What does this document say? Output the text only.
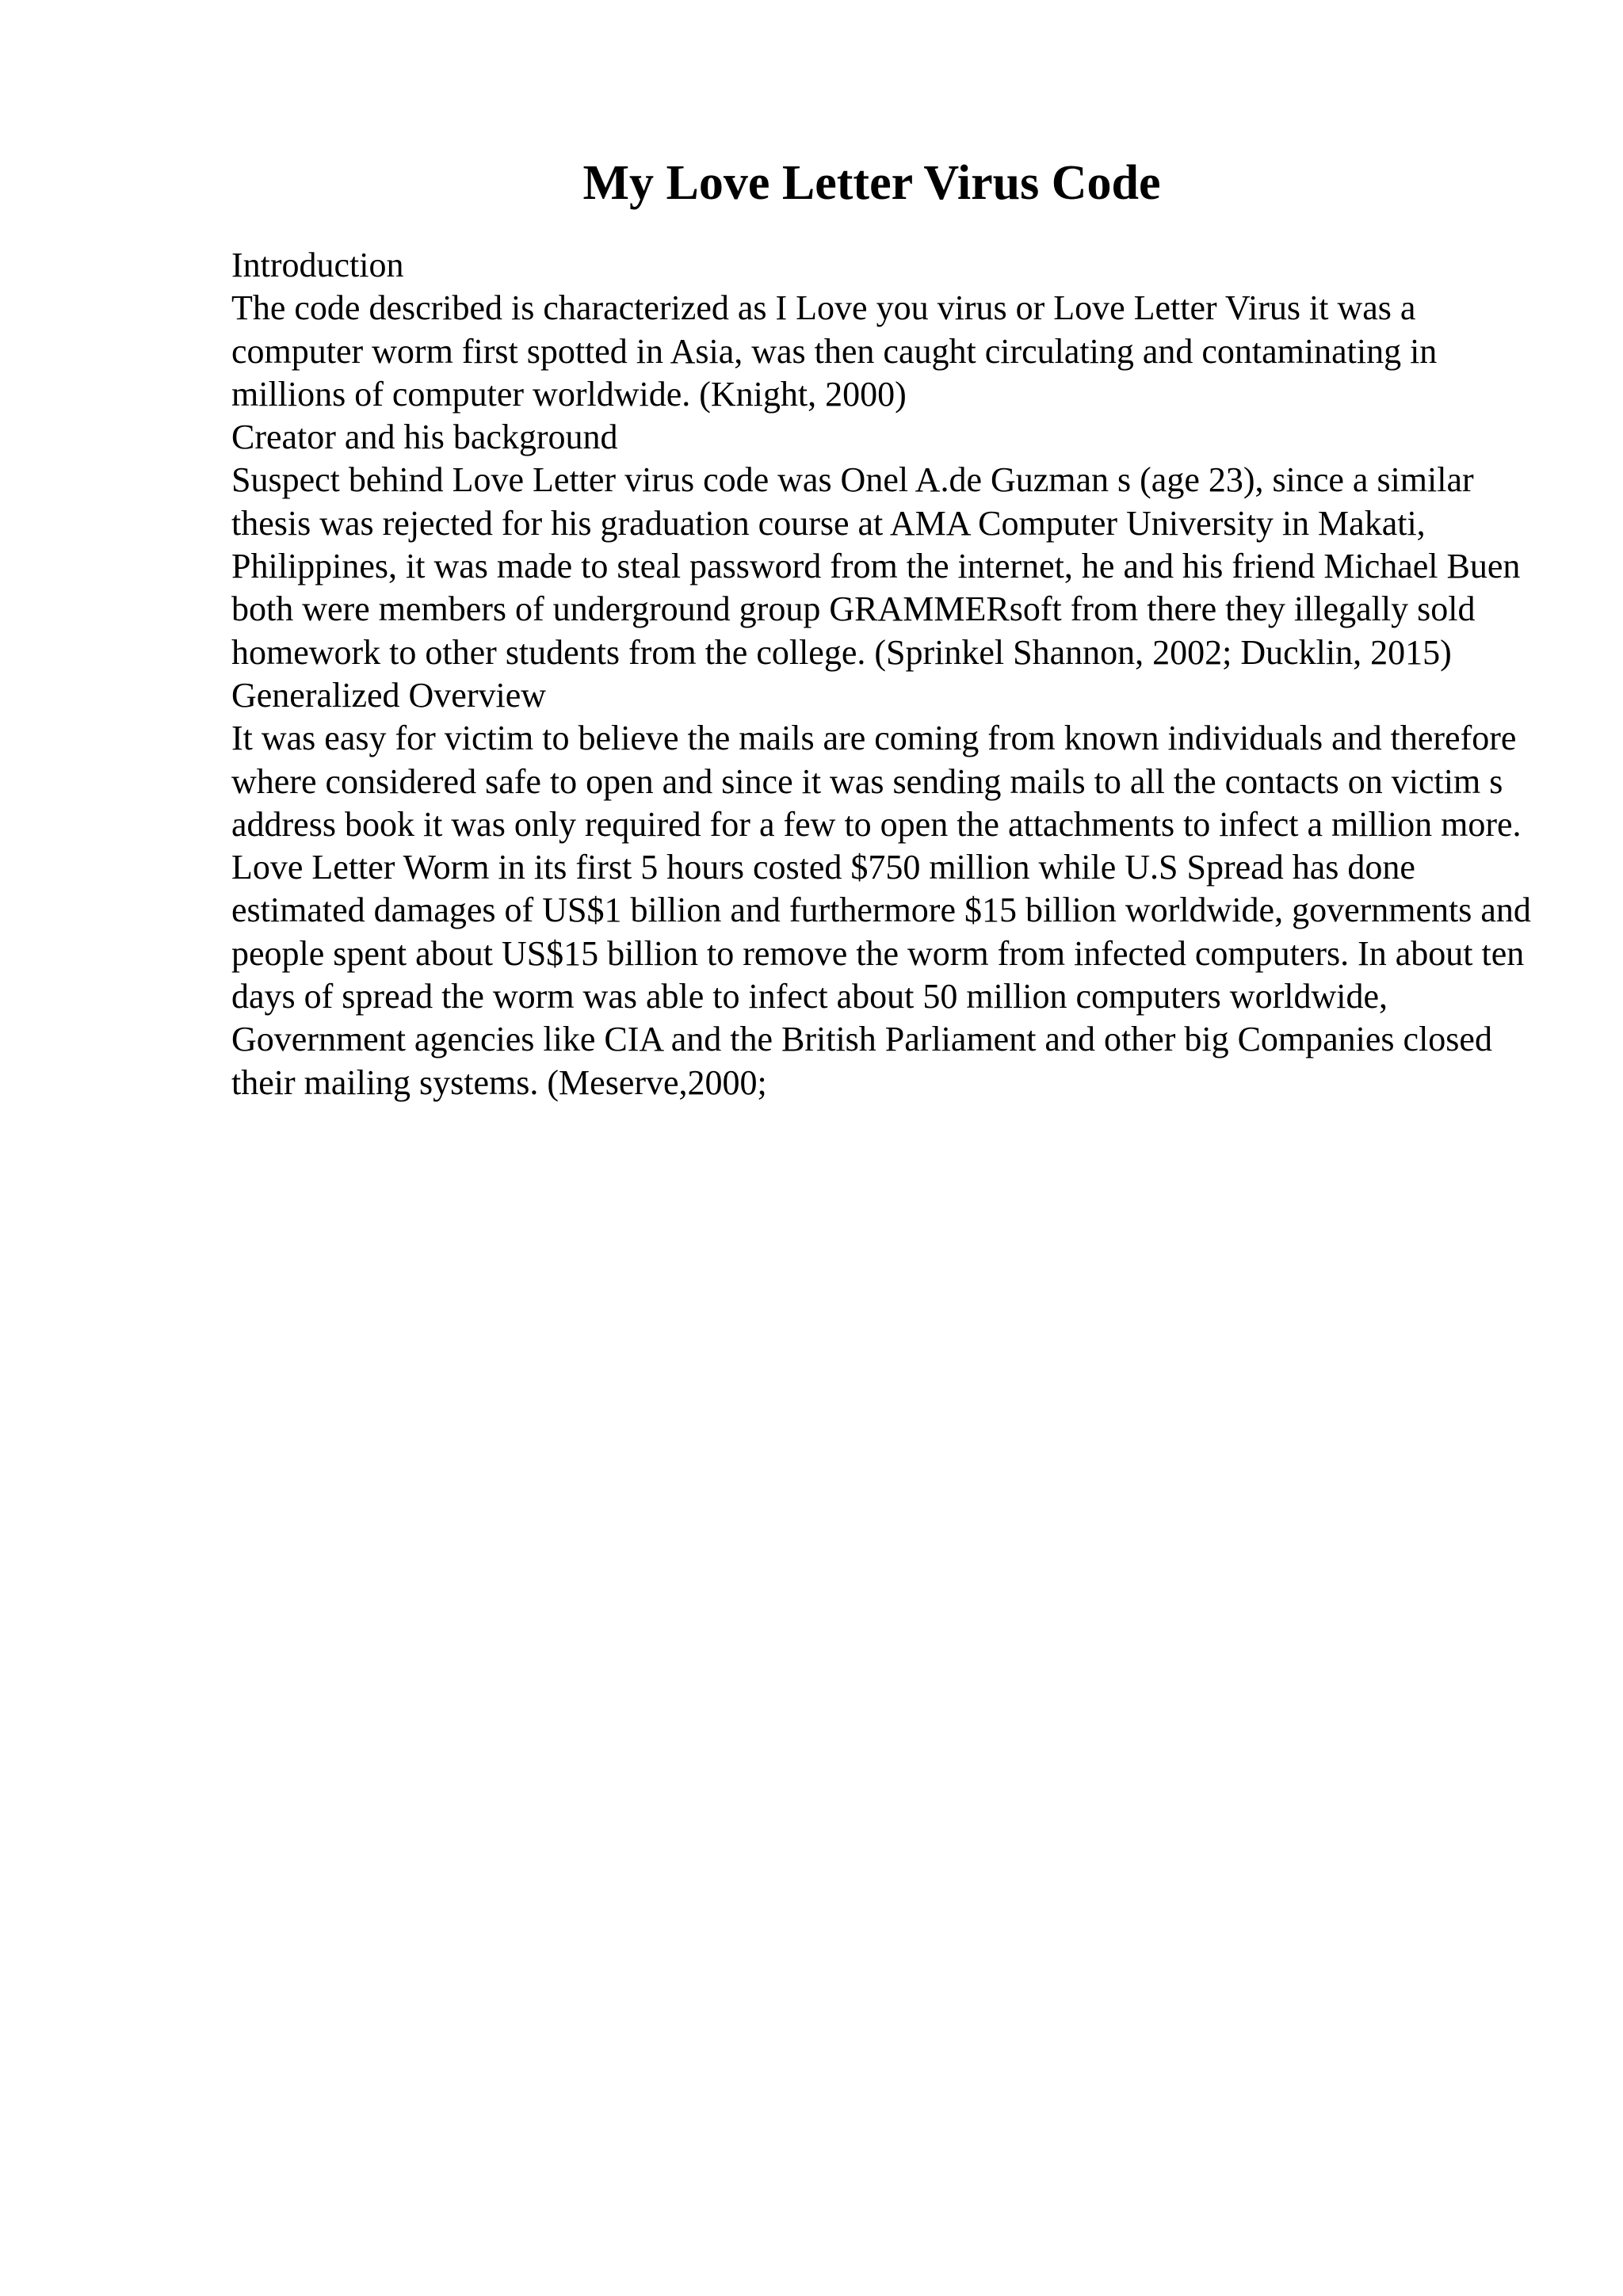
My Love Letter Virus Code
Introduction

The code described is characterized as I Love you virus or Love Letter Virus it was a computer worm first spotted in Asia, was then caught circulating and contaminating in millions of computer worldwide. (Knight, 2000)

Creator and his background

Suspect behind Love Letter virus code was Onel A.de Guzman s (age 23), since a similar thesis was rejected for his graduation course at AMA Computer University in Makati, Philippines, it was made to steal password from the internet, he and his friend Michael Buen both were members of underground group GRAMMERsoft from there they illegally sold homework to other students from the college. (Sprinkel Shannon, 2002; Ducklin, 2015)

Generalized Overview

It was easy for victim to believe the mails are coming from known individuals and therefore where considered safe to open and since it was sending mails to all the contacts on victim s address book it was only required for a few to open the attachments to infect a million more. Love Letter Worm in its first 5 hours costed $750 million while U.S Spread has done estimated damages of US$1 billion and furthermore $15 billion worldwide, governments and people spent about US$15 billion to remove the worm from infected computers. In about ten days of spread the worm was able to infect about 50 million computers worldwide, Government agencies like CIA and the British Parliament and other big Companies closed their mailing systems. (Meserve,2000;
